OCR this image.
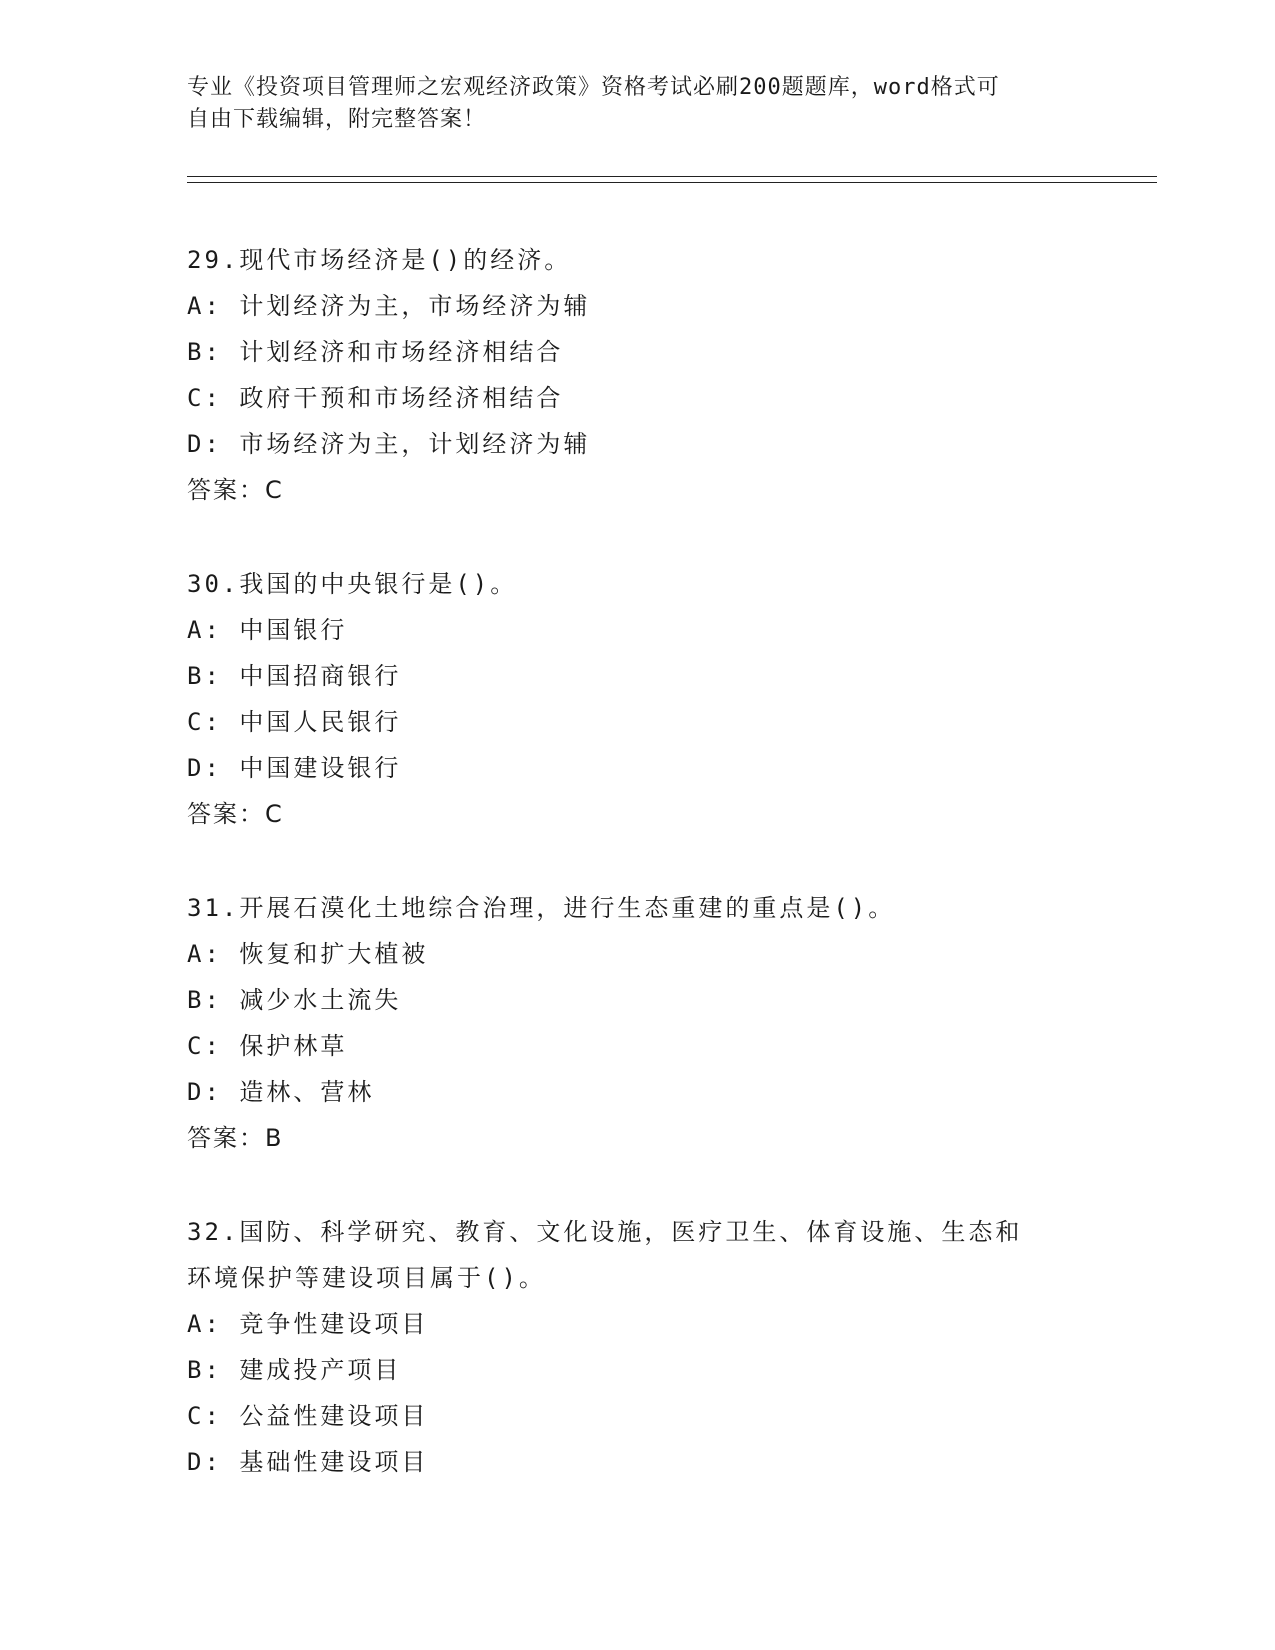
专业《投资项目管理师之宏观经济政策》资格考试必刷200题题库，word格式可

自由下载编辑，附完整答案！

29.现代市场经济是()的经济。

A: 计划经济为主，市场经济为辅

B: 计划经济和市场经济相结合

C: 政府干预和市场经济相结合

D: 市场经济为主，计划经济为辅

答案：C

30.我国的中央银行是()。

A: 中国银行

B: 中国招商银行

C: 中国人民银行

D: 中国建设银行

答案：C

31.开展石漠化土地综合治理，进行生态重建的重点是()。

A: 恢复和扩大植被

B: 减少水土流失

C: 保护林草

D: 造林、营林

答案：B

32.国防、科学研究、教育、文化设施，医疗卫生、体育设施、生态和

环境保护等建设项目属于()。

A: 竞争性建设项目

B: 建成投产项目

C: 公益性建设项目

D: 基础性建设项目
